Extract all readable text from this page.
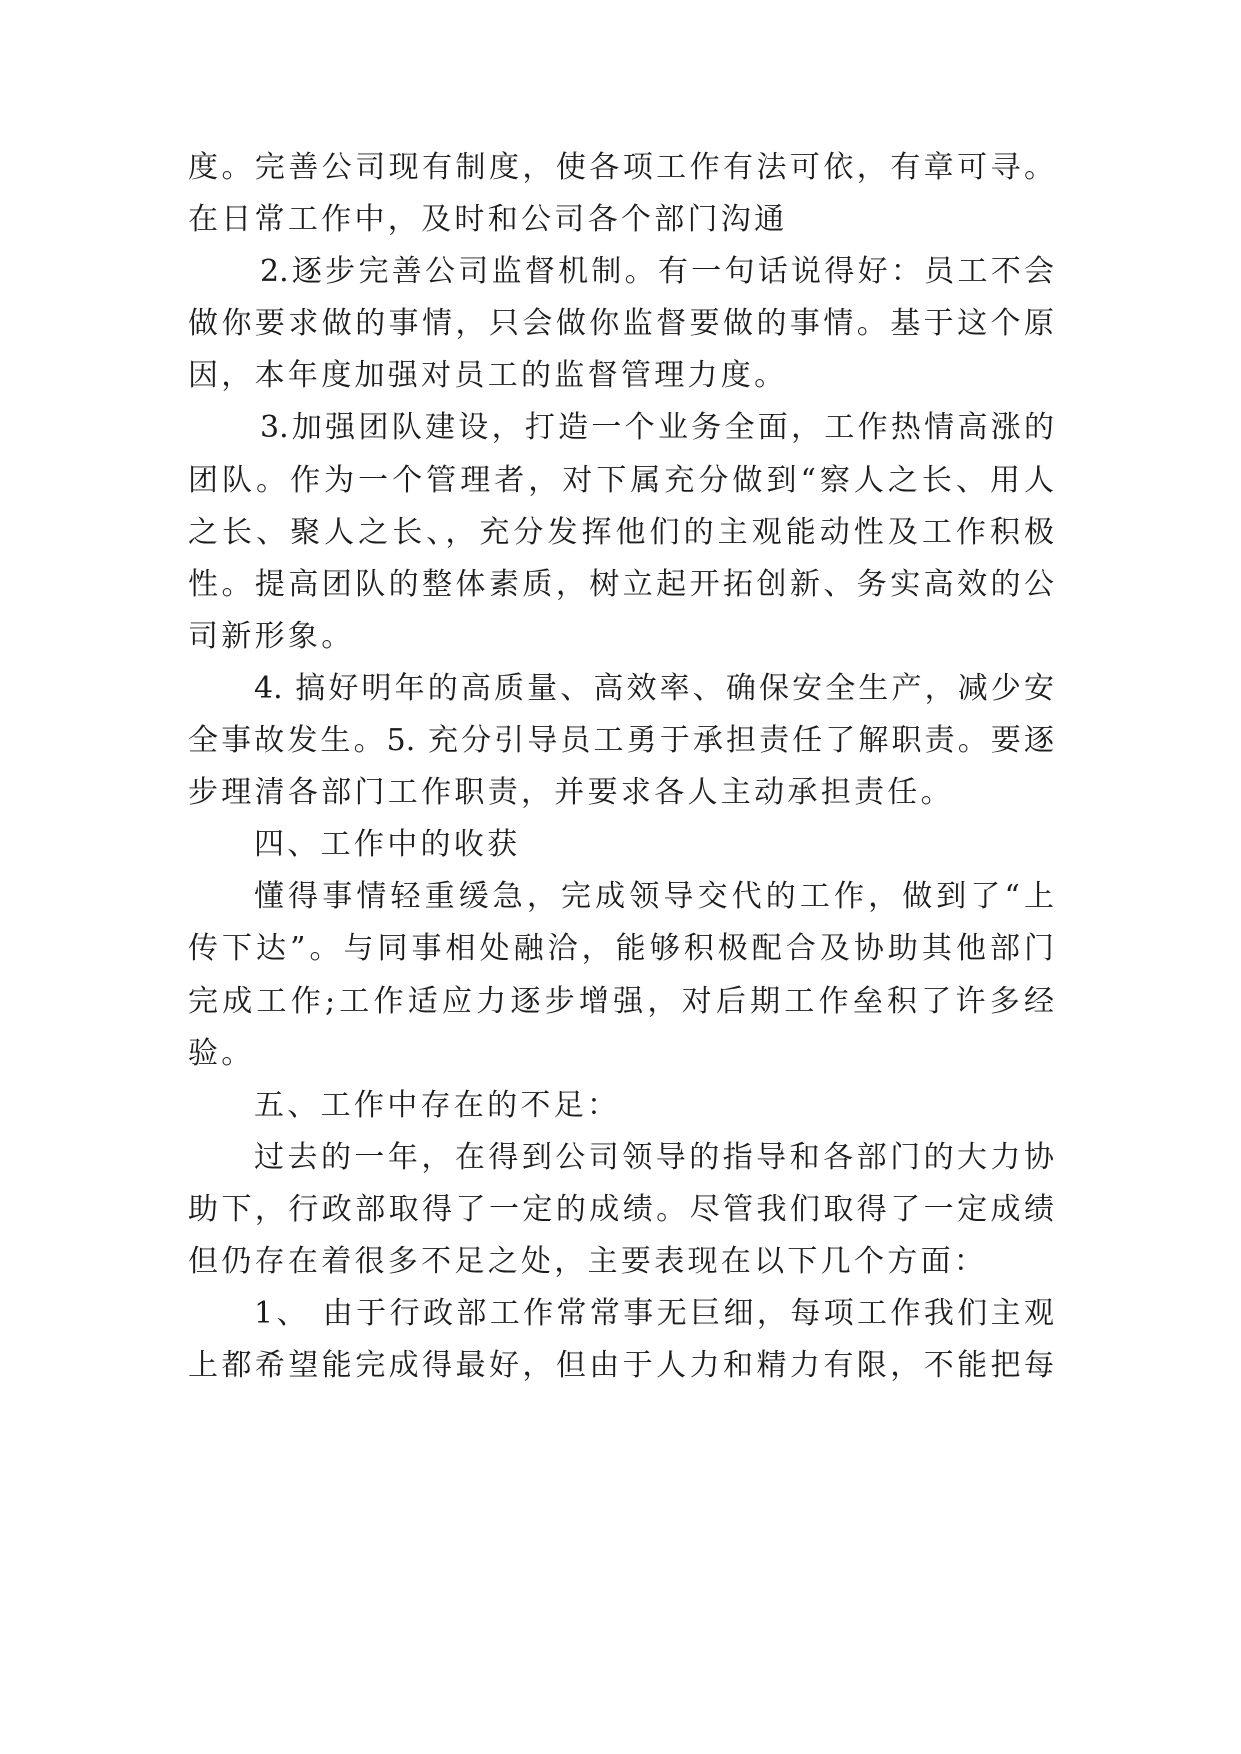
度。完善公司现有制度，使各项工作有法可依，有章可寻。
在日常工作中，及时和公司各个部门沟通
2.逐步完善公司监督机制。有一句话说得好：员工不会
做你要求做的事情，只会做你监督要做的事情。基于这个原
因，本年度加强对员工的监督管理力度。
3.加强团队建设，打造一个业务全面，工作热情高涨的
团队。作为一个管理者，对下属充分做到“察人之长、用人
之长、聚人之长、，充分发挥他们的主观能动性及工作积极
性。提高团队的整体素质，树立起开拓创新、务实高效的公
司新形象。
4. 搞好明年的高质量、高效率、确保安全生产，减少安
全事故发生。5. 充分引导员工勇于承担责任了解职责。要逐
步理清各部门工作职责，并要求各人主动承担责任。
四、工作中的收获
懂得事情轻重缓急，完成领导交代的工作，做到了“上
传下达”。与同事相处融洽，能够积极配合及协助其他部门
完成工作;工作适应力逐步增强，对后期工作垒积了许多经
验。
五、工作中存在的不足：
过去的一年，在得到公司领导的指导和各部门的大力协
助下，行政部取得了一定的成绩。尽管我们取得了一定成绩
但仍存在着很多不足之处，主要表现在以下几个方面：
1、 由于行政部工作常常事无巨细，每项工作我们主观
上都希望能完成得最好，但由于人力和精力有限，不能把每
